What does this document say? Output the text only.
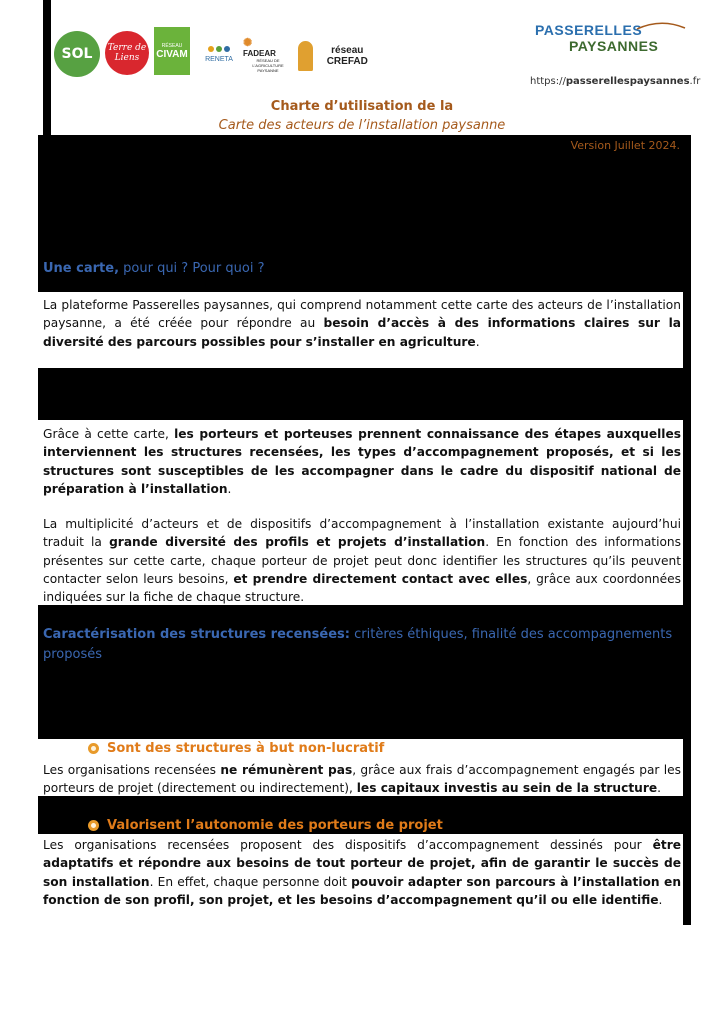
SOL	Terre de Liens
RÉSEAU
CIVAM RENETA
✺
FADEAR
RÉSEAU DE L'AGRICULTURE PAYSANNE
réseau CREFAD
PASSERELLES
PAYSANNES
https://passerellespaysannes.fr
Charte d’utilisation de la
Carte des acteurs de l’installation paysanne
Version Juillet 2024.
Une carte, pour qui ? Pour quoi ?
La plateforme Passerelles paysannes, qui comprend notamment cette carte des acteurs de l’installation paysanne, a été créée pour répondre au besoin d’accès à des informations claires sur la diversité des parcours possibles pour s’installer en agriculture.
Grâce à cette carte, les porteurs et porteuses prennent connaissance des étapes auxquelles interviennent les structures recensées, les types d’accompagnement proposés, et si les structures sont susceptibles de les accompagner dans le cadre du dispositif national de préparation à l’installation.
La multiplicité d’acteurs et de dispositifs d’accompagnement à l’installation existante aujourd’hui traduit la grande diversité des profils et projets d’installation. En fonction des informations présentes sur cette carte, chaque porteur de projet peut donc identifier les structures qu’ils peuvent contacter selon leurs besoins, et prendre directement contact avec elles, grâce aux coordonnées indiquées sur la fiche de chaque structure.
Caractérisation des structures recensées: critères éthiques, finalité des accompagnements proposés
Sont des structures à but non-lucratif
Les organisations recensées ne rémunèrent pas, grâce aux frais d’accompagnement engagés par les porteurs de projet (directement ou indirectement), les capitaux investis au sein de la structure.
Valorisent l’autonomie des porteurs de projet
Les organisations recensées proposent des dispositifs d’accompagnement dessinés pour être adaptatifs et répondre aux besoins de tout porteur de projet, afin de garantir le succès de son installation. En effet, chaque personne doit pouvoir adapter son parcours à l’installation en fonction de son profil, son projet, et les besoins d’accompagnement qu’il ou elle identifie.
